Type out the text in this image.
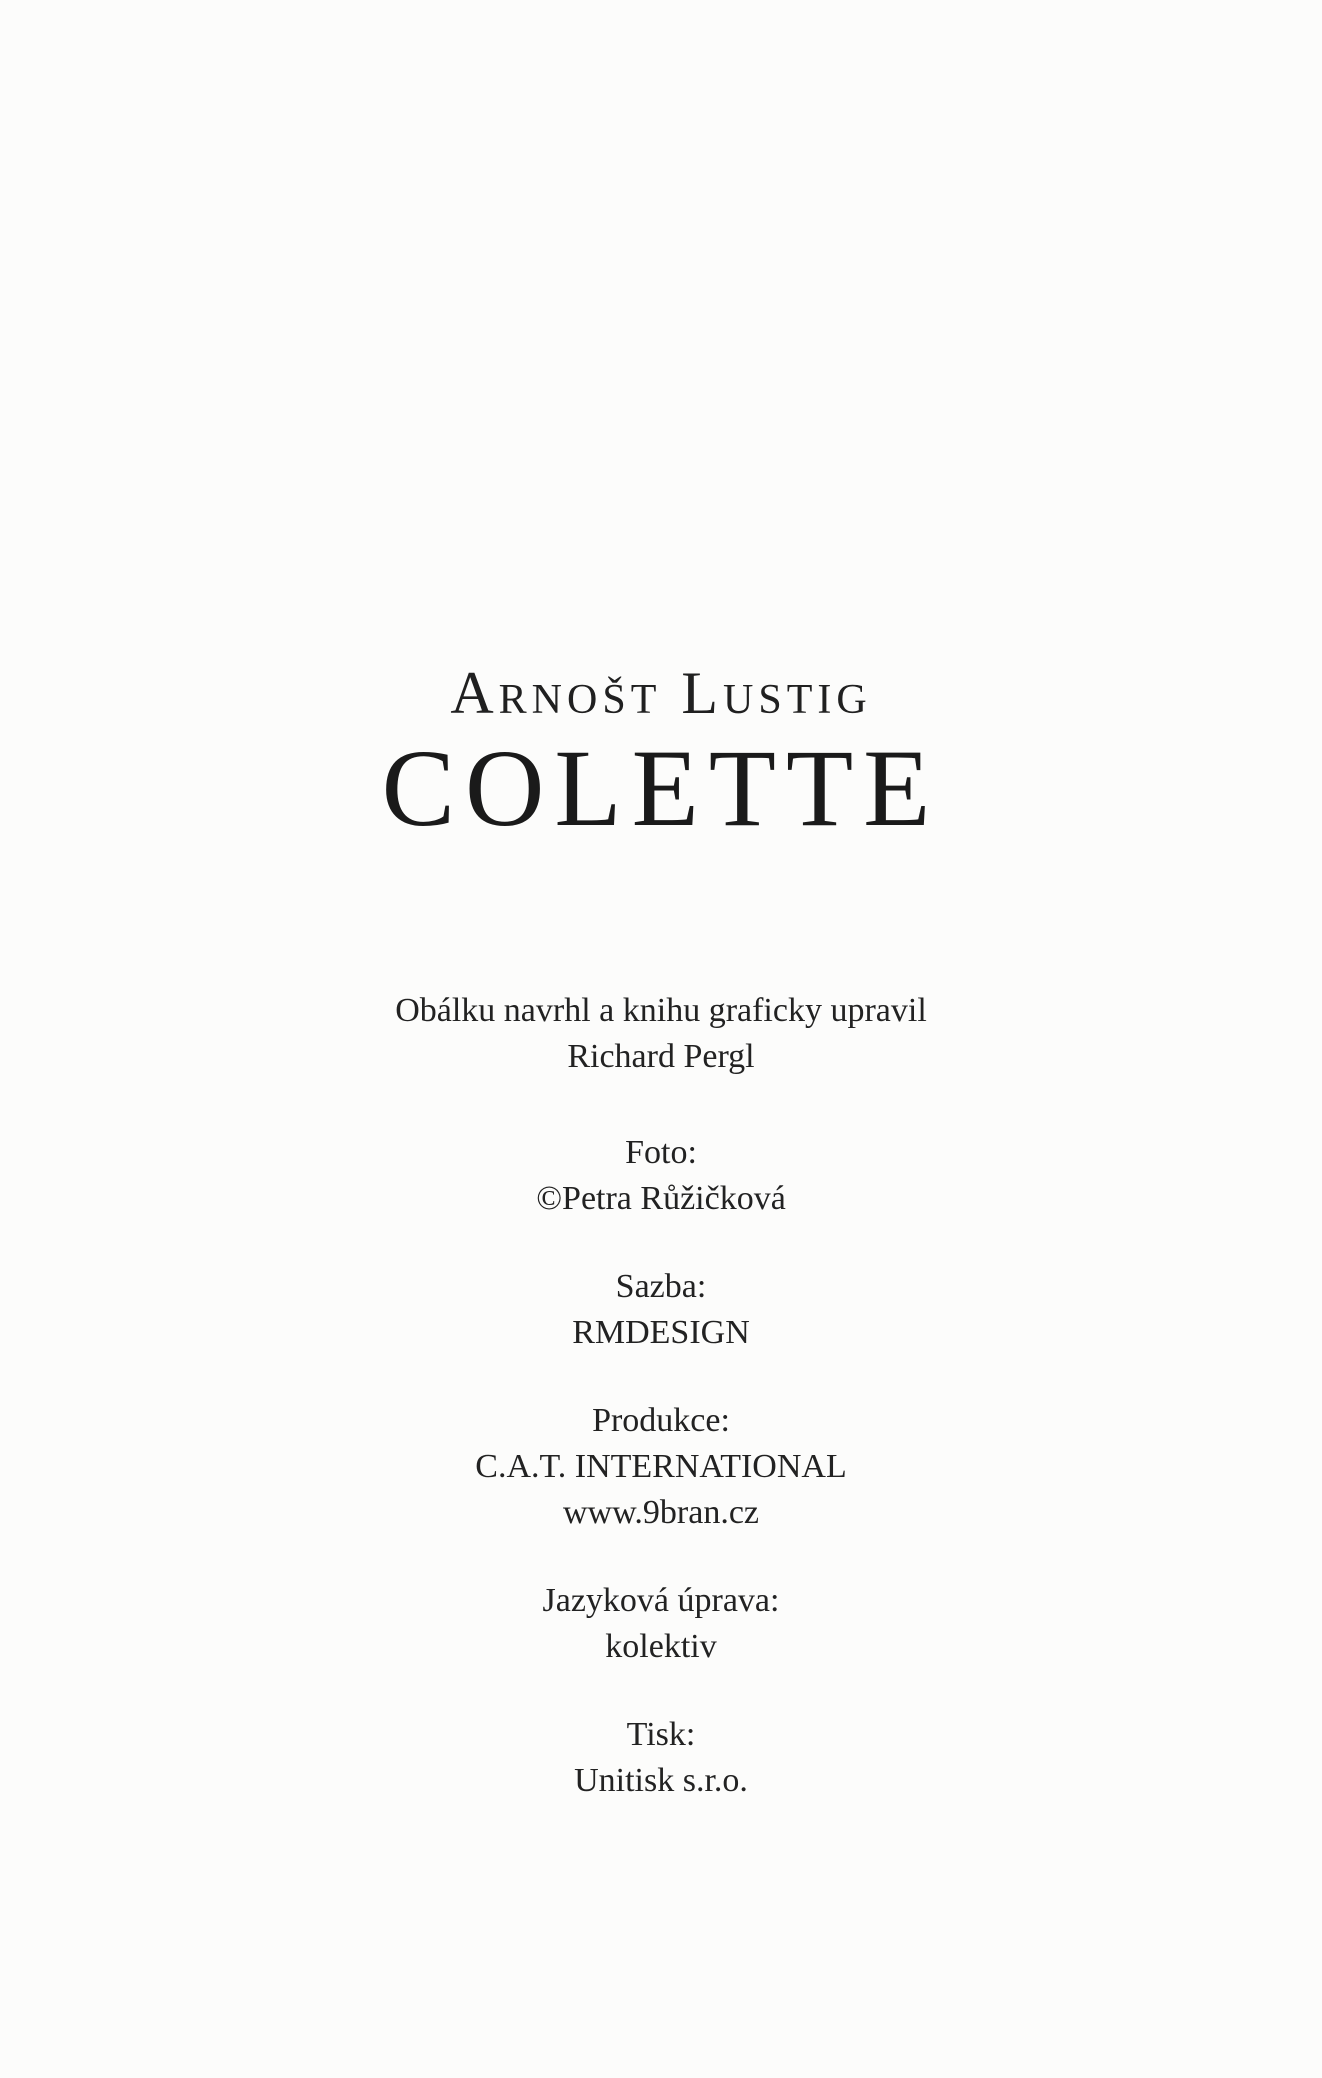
Arnošt Lustig
COLETTE
Obálku navrhl a knihu graficky upravil
Richard Pergl
Foto:
©Petra Růžičková
Sazba:
RMDESIGN
Produkce:
C.A.T. INTERNATIONAL
www.9bran.cz
Jazyková úprava:
kolektiv
Tisk:
Unitisk s.r.o.
